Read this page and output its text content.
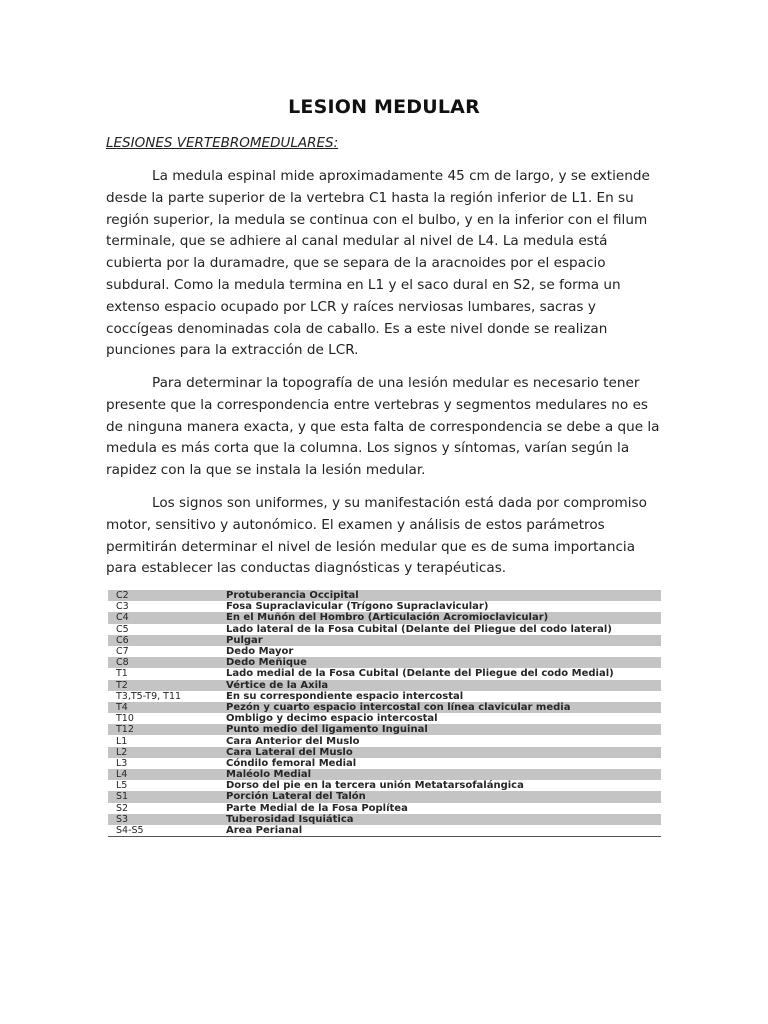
LESION MEDULAR
LESIONES VERTEBROMEDULARES:

La medula espinal mide aproximadamente 45 cm de largo, y se extiende desde la parte superior de la vertebra C1 hasta la región inferior de L1. En su región superior, la medula se continua con el bulbo, y en la inferior con el filum terminale, que se adhiere al canal medular al nivel de L4. La medula está cubierta por la duramadre, que se separa de la aracnoides por el espacio subdural. Como la medula termina en L1 y el saco dural en S2, se forma un extenso espacio ocupado por LCR y raíces nerviosas lumbares, sacras y coccígeas denominadas cola de caballo. Es a este nivel donde se realizan punciones para la extracción de LCR.

Para determinar la topografía de una lesión medular es necesario tener presente que la correspondencia entre vertebras y segmentos medulares no es de ninguna manera exacta, y que esta falta de correspondencia se debe a que la medula es más corta que la columna. Los signos y síntomas, varían según la rapidez con la que se instala la lesión medular.

Los signos son uniformes, y su manifestación está dada por compromiso motor, sensitivo y autonómico. El examen y análisis de estos parámetros permitirán determinar el nivel de lesión medular que es de suma importancia para establecer las conductas diagnósticas y terapéuticas.

C2	Protuberancia Occipital
C3	Fosa Supraclavicular (Trígono Supraclavicular)
C4	En el Muñón del Hombro (Articulación Acromioclavicular)
C5	Lado lateral de la Fosa Cubital (Delante del Pliegue del codo lateral)
C6	Pulgar
C7	Dedo Mayor
C8	Dedo Meñique
T1	Lado medial de la Fosa Cubital (Delante del Pliegue del codo Medial)
T2	Vértice de la Axila
T3,T5-T9, T11	En su correspondiente espacio intercostal
T4	Pezón y cuarto espacio intercostal con línea clavicular media
T10	Ombligo y decimo espacio intercostal
T12	Punto medio del ligamento Inguinal
L1	Cara Anterior del Muslo
L2	Cara Lateral del Muslo
L3	Cóndilo femoral Medial
L4	Maléolo Medial
L5	Dorso del pie en la tercera unión Metatarsofalángica
S1	Porción Lateral del Talón
S2	Parte Medial de la Fosa Poplítea
S3	Tuberosidad Isquiática
S4-S5	Área Perianal
